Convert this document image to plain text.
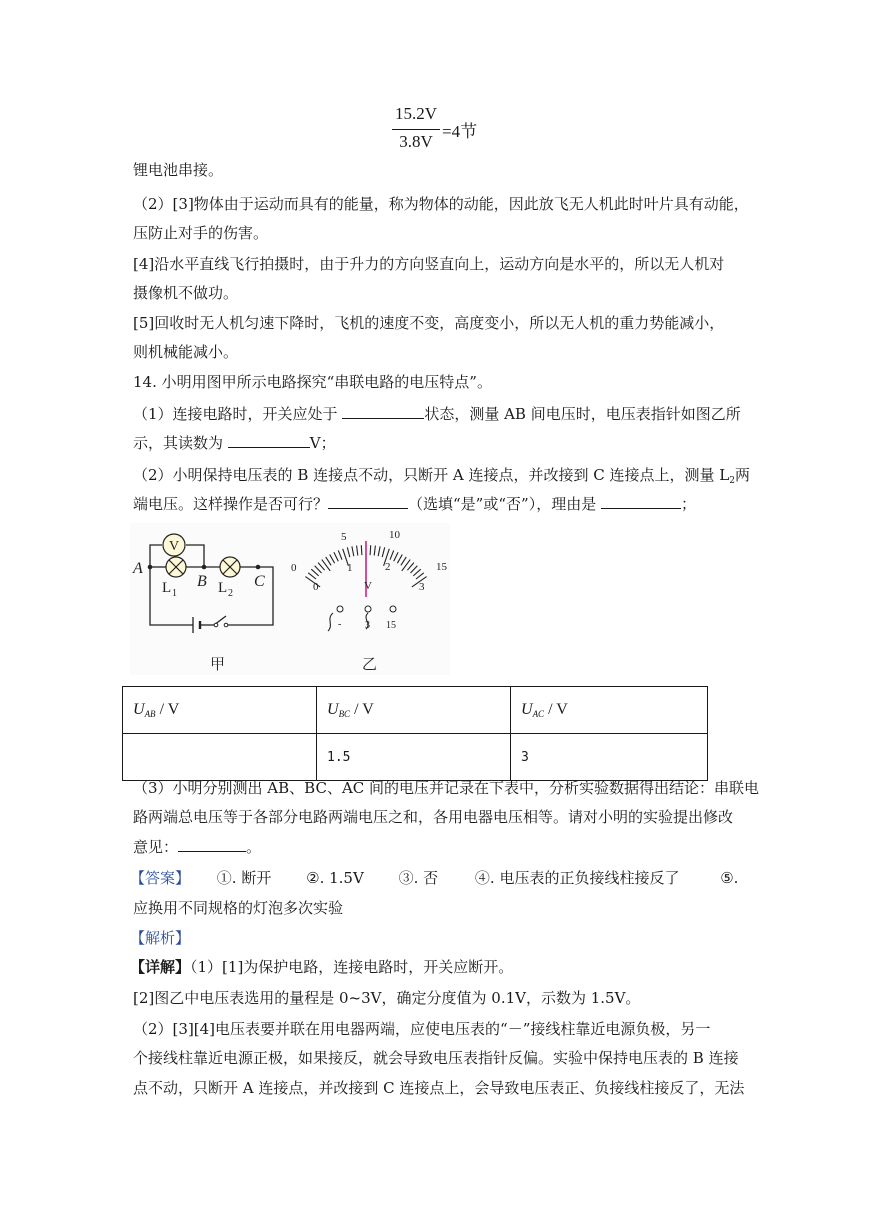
15.2V
3.8V
=4节
锂电池串接。
（2）[3]物体由于运动而具有的能量，称为物体的动能，因此放飞无人机此时叶片具有动能，
压防止对手的伤害。
[4]沿水平直线飞行拍摄时，由于升力的方向竖直向上，运动方向是水平的，所以无人机对
摄像机不做功。
[5]回收时无人机匀速下降时，飞机的速度不变，高度变小，所以无人机的重力势能减小，
则机械能减小。
14. 小明用图甲所示电路探究“串联电路的电压特点”。
（1）连接电路时，开关应处于	状态，测量 AB 间电压时，电压表指针如图乙所
示，其读数为	V；
（2）小明保持电压表的 B 连接点不动，只断开 A 连接点，并改接到 C 连接点上，测量 $L_2$两
端电压。这样操作是否可行？	（选填“是”或“否”），理由是	；
V
A
B	C
L 1	L 2
0
5	10
15
0
1	2
3
V
- 3 15
甲	乙
$U_{AB}$ / V	$U_{BC}$ / V	$U_{AC}$ / V
	1.5	3
（3）小明分别测出 AB、BC、AC 间的电压并记录在下表中，分析实验数据得出结论：串联电
路两端总电压等于各部分电路两端电压之和，各用电器电压相等。请对小明的实验提出修改
意见：	。
【答案】 ①. 断开 ②. 1.5V ③. 否 ④. 电压表的正负接线柱接反了	⑤.
应换用不同规格的灯泡多次实验
【解析】
【详解】（1）[1]为保护电路，连接电路时，开关应断开。
[2]图乙中电压表选用的量程是 0~3V，确定分度值为 0.1V，示数为 1.5V。
（2）[3][4]电压表要并联在用电器两端，应使电压表的“－”接线柱靠近电源负极，另一
个接线柱靠近电源正极，如果接反，就会导致电压表指针反偏。实验中保持电压表的 B 连接
点不动，只断开 A 连接点，并改接到 C 连接点上，会导致电压表正、负接线柱接反了，无法
